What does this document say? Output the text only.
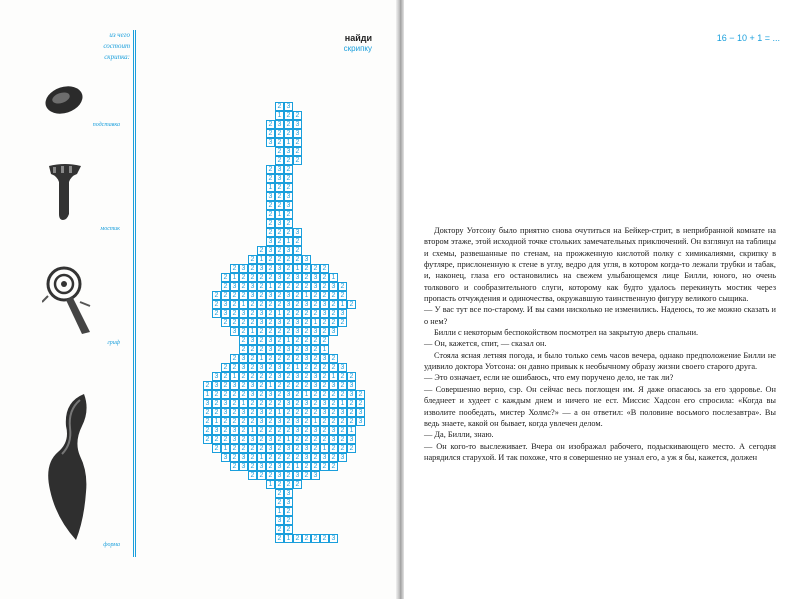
из чего
состоит
скрипка:
подставка
мостик
гриф
форма
найди
скрипку
2 3
1 2 2
2 3 2 3
2 2 2 3
3 2 1 2
2 3 2
2 2 2
2 3 2
2 3 2
1 2 2
3 2 3
2 2 3
2 1 2
2 3 2
2 2 2 3
3 2 1 2
2 3 2 3 2
2 1 2 2 2 2 3
2 3 2 3 2 3 2 1 2 2 2
2 1 2 2 2 2 3 2 3 2 3 2 1
2 3 2 3 2 1 2 2 2 2 3 2 3 2
2 2 2 2 3 2 3 2 3 2 1 2 2 2 2
2 3 2 1 2 2 2 2 3 2 3 2 3 2 1 2
2 3 2 3 2 3 2 1 2 2 2 2 3 2 3
2 2 2 2 3 2 3 2 3 2 1 2 2 2
3 2 1 2 2 2 2 3 2 3 2 3
2 3 2 3 2 1 2 2 2 2
2 2 2 3 2 3 2 3 2 1
2 3 2 1 2 2 2 2 3 2 3 2
2 2 3 2 3 2 3 2 1 2 2 2 2 3
3 2 1 2 2 2 2 3 2 3 2 3 2 1 2 2
2 3 2 3 2 3 2 1 2 2 2 2 3 2 3 2 3
1 2 2 2 2 3 2 3 2 3 2 1 2 2 2 2 3 2
3 2 3 2 1 2 2 2 2 3 2 3 2 3 2 1 2 2
2 2 3 2 3 2 3 2 1 2 2 2 2 3 2 3 2 3
2 1 2 2 2 2 3 2 3 2 3 2 1 2 2 2 2 3
2 3 2 3 2 1 2 2 2 2 3 2 3 2 3 2 1
2 2 2 3 2 3 2 3 2 1 2 2 2 2 3 2 3
2 1 2 2 2 2 3 2 3 2 3 2 1 2 2 2
3 2 3 2 1 2 2 2 2 3 2 3 2 3
2 3 2 3 2 3 2 1 2 2 2 2
2 2 2 3 2 3 2 3
1 2 2 2
2 3
2 3
1 2
3 2
2 2
2 1 2 2 2 2 3
16 − 10 + 1 = ...

Доктору Уотсону было приятно снова очутиться на Бейкер-стрит, в неприбранной комнате на втором этаже, этой исходной точке стольких замечательных приключений. Он взглянул на таблицы и схемы, развешанные по стенам, на прожженную кислотой полку с химикалиями, скрипку в футляре, прислоненную к стене в углу, ведро для угля, в котором когда-то лежали трубки и табак, и, наконец, глаза его остановились на свежем улыбающемся лице Билли, юного, но очень толкового и сообразительного слуги, которому как будто удалось перекинуть мостик через пропасть отчуждения и одиночества, окружавшую таинственную фигуру великого сыщика.

— У вас тут все по-старому. И вы сами нисколько не изменились. Надеюсь, то же можно сказать и о нем?

Билли с некоторым беспокойством посмотрел на закрытую дверь спальни.

— Он, кажется, спит, — сказал он.

Стояла ясная летняя погода, и было только семь часов вечера, однако предположение Билли не удивило доктора Уотсона: он давно привык к необычному образу жизни своего старого друга.

— Это означает, если не ошибаюсь, что ему поручено дело, не так ли?

— Совершенно верно, сэр. Он сейчас весь поглощен им. Я даже опасаюсь за его здоровье. Он бледнеет и худеет с каждым днем и ничего не ест. Миссис Хадсон его спросила: «Когда вы изволите пообедать, мистер Холмс?» — а он ответил: «В половине восьмого послезавтра». Вы ведь знаете, какой он бывает, когда увлечен делом.

— Да, Билли, знаю.

— Он кого-то выслеживает. Вчера он изображал рабочего, подыскивающего место. А сегодня нарядился старухой. И так похоже, что я совершенно не узнал его, а уж я бы, кажется, должен
